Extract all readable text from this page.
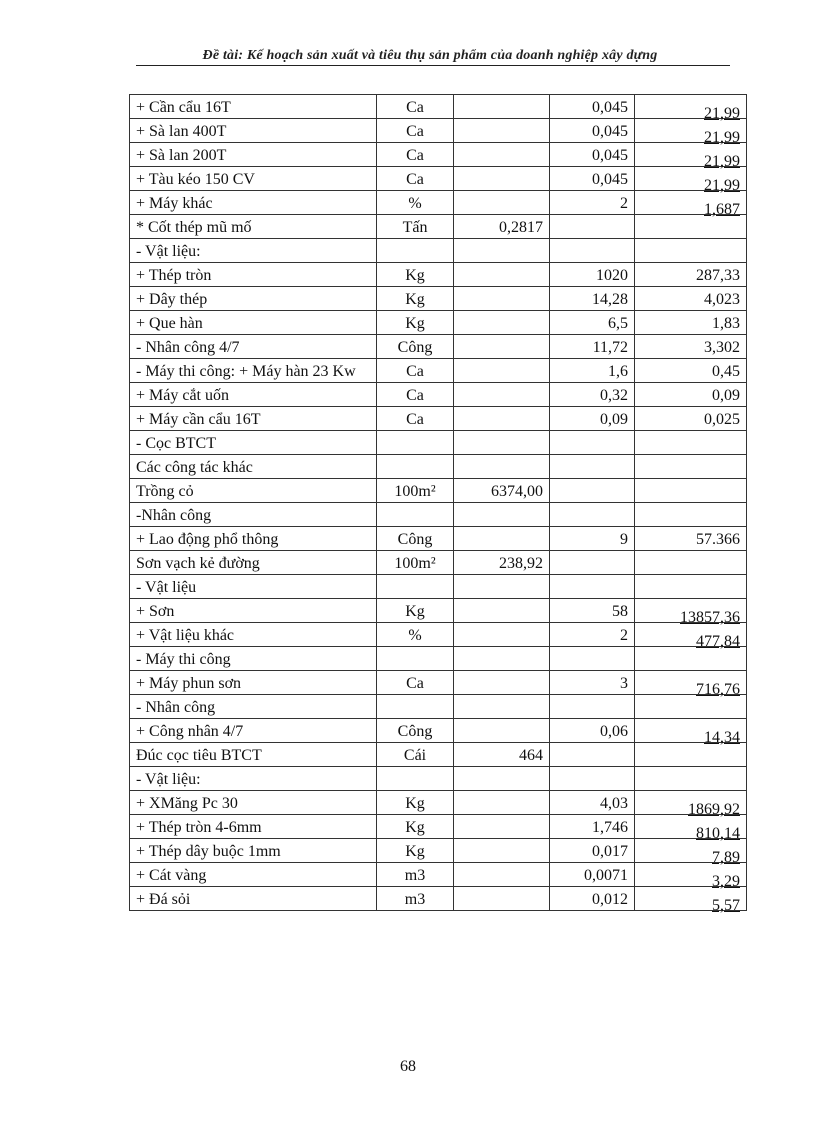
Đề tài: Kế hoạch sản xuất và tiêu thụ sản phẩm của doanh nghiệp xây dựng
+ Cần cẩu 16T	Ca		0,045	21,99
+ Sà lan 400T	Ca		0,045	21,99
+ Sà lan 200T	Ca		0,045	21,99
+ Tàu kéo 150 CV	Ca		0,045	21,99
+ Máy khác	%		2	1,687
* Cốt thép mũ mố	Tấn	0,2817		
- Vật liệu:				
+ Thép tròn	Kg		1020	287,33
+ Dây thép	Kg		14,28	4,023
+ Que hàn	Kg		6,5	1,83
- Nhân công 4/7	Công		11,72	3,302
- Máy thi công: + Máy hàn 23 Kw	Ca		1,6	0,45
+ Máy cắt uốn	Ca		0,32	0,09
+ Máy cần cẩu 16T	Ca		0,09	0,025
- Cọc BTCT				
Các công tác khác				
Trồng cỏ	100m²	6374,00		
-Nhân công				
+ Lao động phổ thông	Công		9	57.366
Sơn vạch kẻ đường	100m²	238,92		
- Vật liệu				
+ Sơn	Kg		58	13857,36
+ Vật liệu khác	%		2	477,84
- Máy thi công				
+ Máy phun sơn	Ca		3	716,76
- Nhân công				
+ Công nhân 4/7	Công		0,06	14,34
Đúc cọc tiêu BTCT	Cái	464		
- Vật liệu:				
+ XMăng Pc 30	Kg		4,03	1869,92
+ Thép tròn 4-6mm	Kg		1,746	810,14
+ Thép dây buộc 1mm	Kg		0,017	7,89
+ Cát vàng	m3		0,0071	3,29
+ Đá sỏi	m3		0,012	5,57
68
